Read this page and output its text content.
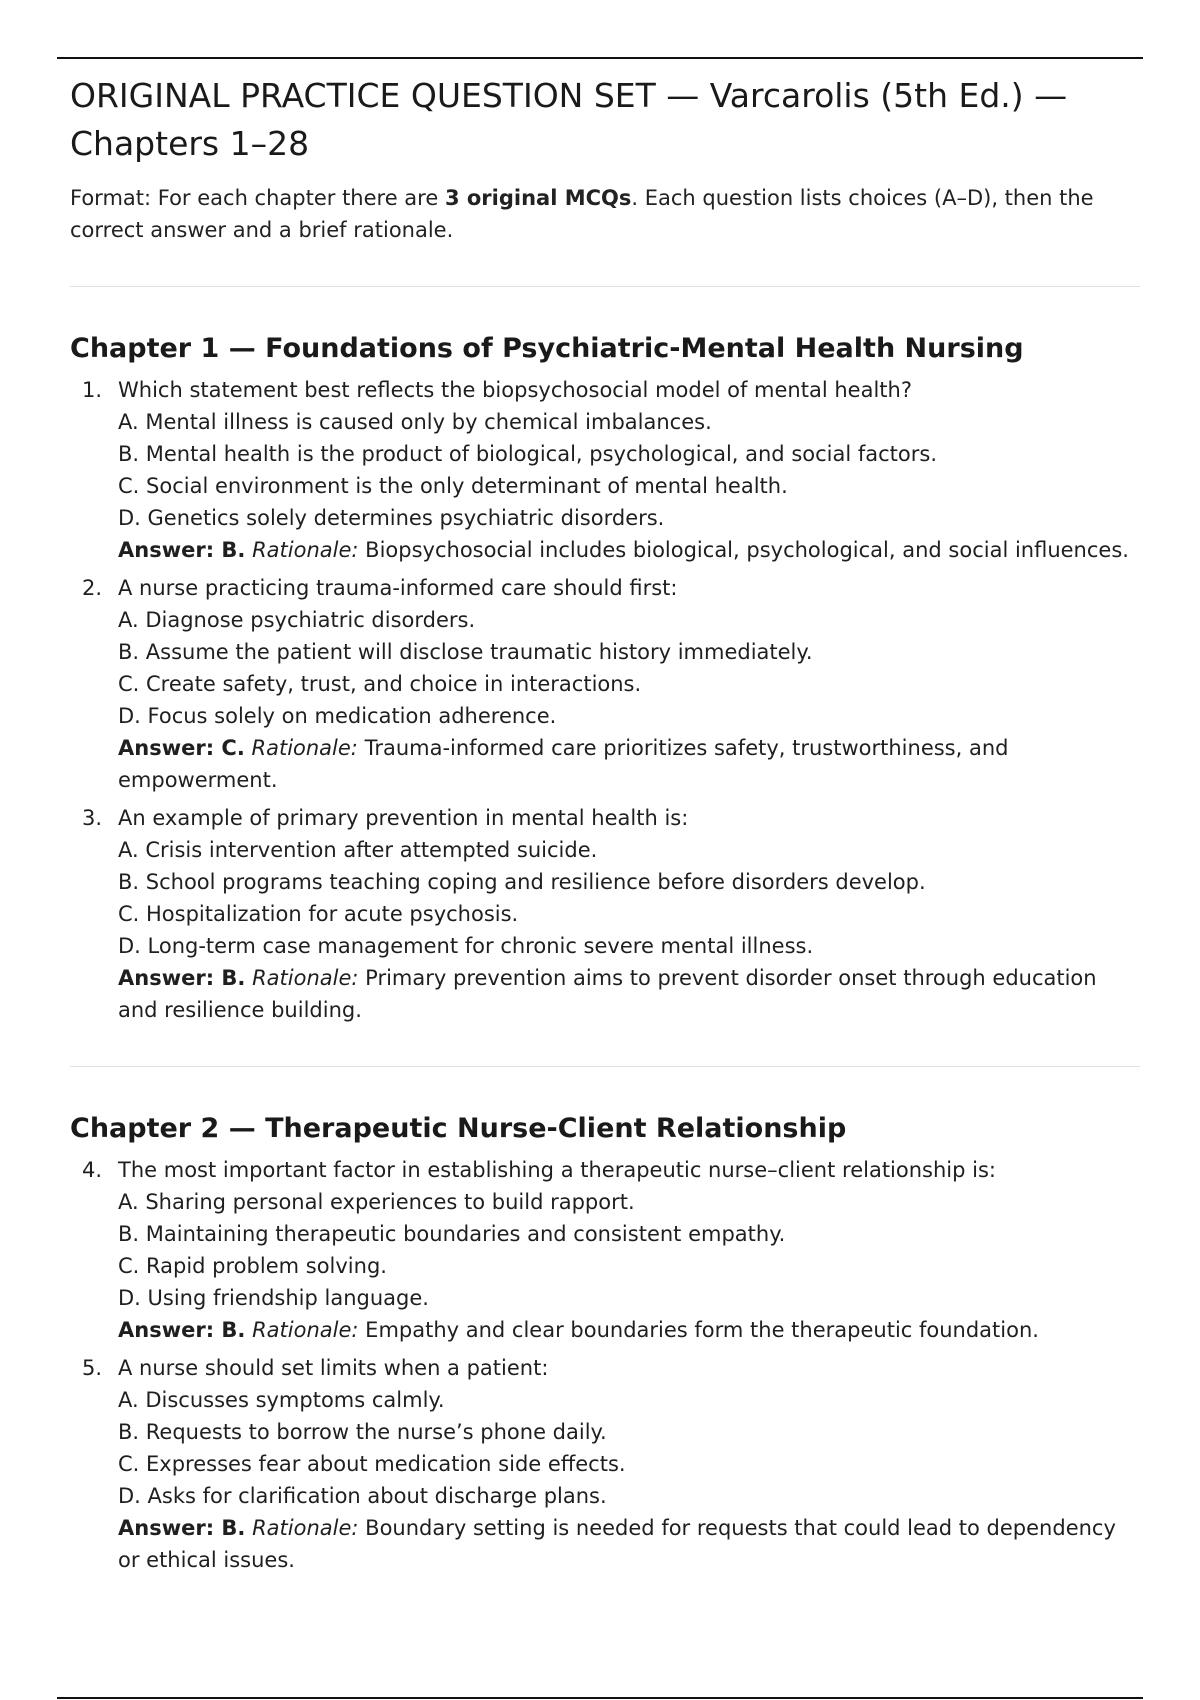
ORIGINAL PRACTICE QUESTION SET — Varcarolis (5th Ed.) — Chapters 1–28

Format: For each chapter there are 3 original MCQs. Each question lists choices (A–D), then the correct answer and a brief rationale.

Chapter 1 — Foundations of Psychiatric-Mental Health Nursing
1. Which statement best reflects the biopsychosocial model of mental health?
A. Mental illness is caused only by chemical imbalances.
B. Mental health is the product of biological, psychological, and social factors.
C. Social environment is the only determinant of mental health.
D. Genetics solely determines psychiatric disorders.
Answer: B. Rationale: Biopsychosocial includes biological, psychological, and social influences.
2. A nurse practicing trauma-informed care should first:
A. Diagnose psychiatric disorders.
B. Assume the patient will disclose traumatic history immediately.
C. Create safety, trust, and choice in interactions.
D. Focus solely on medication adherence.
Answer: C. Rationale: Trauma-informed care prioritizes safety, trustworthiness, and empowerment.
3. An example of primary prevention in mental health is:
A. Crisis intervention after attempted suicide.
B. School programs teaching coping and resilience before disorders develop.
C. Hospitalization for acute psychosis.
D. Long-term case management for chronic severe mental illness.
Answer: B. Rationale: Primary prevention aims to prevent disorder onset through education and resilience building.
Chapter 2 — Therapeutic Nurse-Client Relationship
4. The most important factor in establishing a therapeutic nurse–client relationship is:
A. Sharing personal experiences to build rapport.
B. Maintaining therapeutic boundaries and consistent empathy.
C. Rapid problem solving.
D. Using friendship language.
Answer: B. Rationale: Empathy and clear boundaries form the therapeutic foundation.
5. A nurse should set limits when a patient:
A. Discusses symptoms calmly.
B. Requests to borrow the nurse’s phone daily.
C. Expresses fear about medication side effects.
D. Asks for clarification about discharge plans.
Answer: B. Rationale: Boundary setting is needed for requests that could lead to dependency or ethical issues.
